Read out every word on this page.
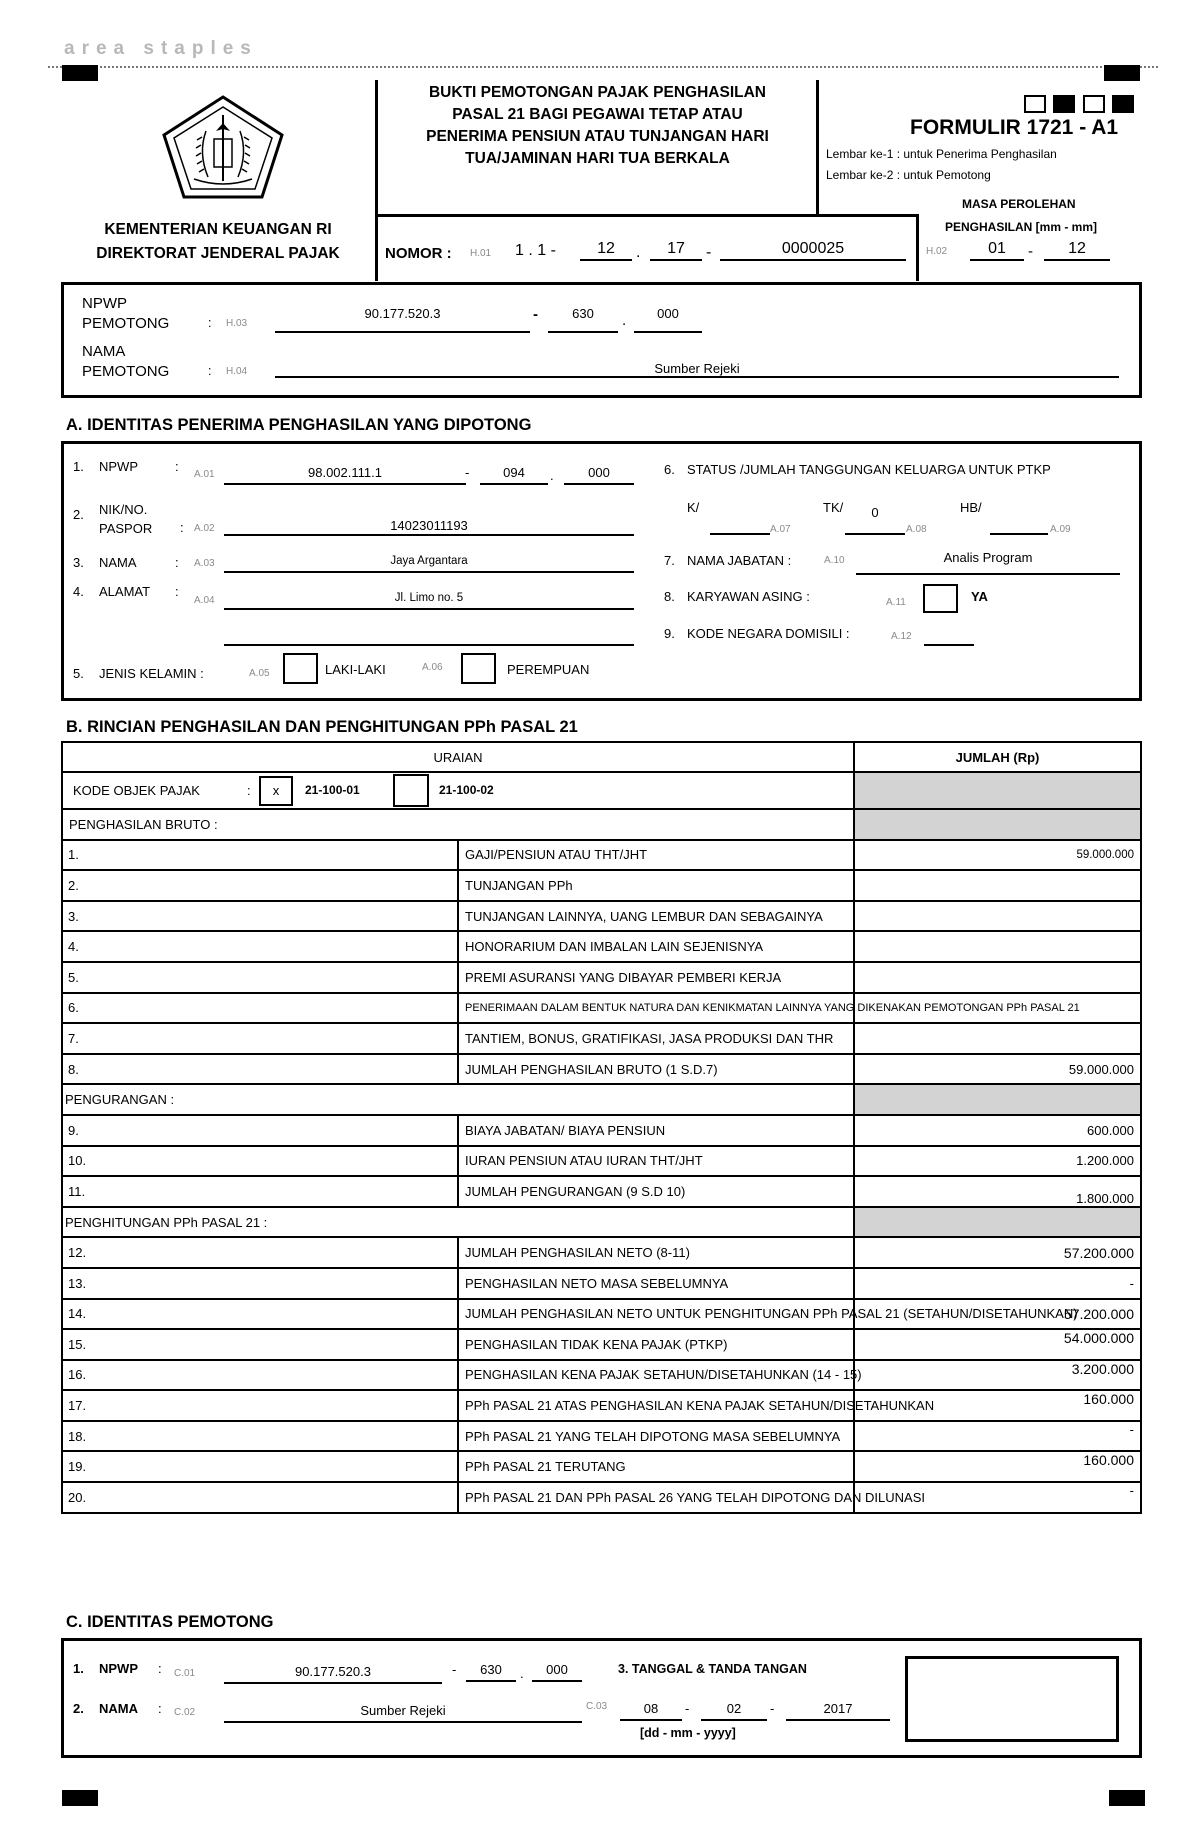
area staples
KEMENTERIAN KEUANGAN RI
DIREKTORAT JENDERAL PAJAK
BUKTI PEMOTONGAN PAJAK PENGHASILAN
PASAL 21 BAGI PEGAWAI TETAP ATAU
PENERIMA PENSIUN ATAU TUNJANGAN HARI
TUA/JAMINAN HARI TUA BERKALA
FORMULIR 1721 - A1
Lembar ke-1 : untuk Penerima Penghasilan
Lembar ke-2 : untuk Pemotong
MASA PEROLEHAN
PENGHASILAN [mm - mm]
H.02	01	-	12
NOMOR : H.01 1 . 1 -	12	.	17	-	0000025
NPWP
PEMOTONG	: H.03
90.177.520.3	-	630	.	000
NAMA
PEMOTONG	: H.04	Sumber Rejeki
A. IDENTITAS PENERIMA PENGHASILAN YANG DIPOTONG
1. NPWP	:
A.01	98.002.111.1	-	094	.	000
2. NIK/NO.
PASPOR : A.02	14023011193
3. NAMA	: A.03	Jaya Argantara
4. ALAMAT :
A.04	Jl. Limo no. 5
5. JENIS KELAMIN :	A.05	LAKI-LAKI	A.06	PEREMPUAN
6. STATUS /JUMLAH TANGGUNGAN KELUARGA UNTUK PTKP
K/
A.07
TK/	0
A.08
HB/
A.09
7. NAMA JABATAN :	A.10	Analis Program
8. KARYAWAN ASING :	A.11	YA
9. KODE NEGARA DOMISILI :	A.12
B. RINCIAN PENGHASILAN DAN PENGHITUNGAN PPh PASAL 21
URAIAN		JUMLAH (Rp)

KODE OBJEK PAJAK : x 21-100-01 21-100-02		

PENGHASILAN BRUTO :		
1.	GAJI/PENSIUN ATAU THT/JHT	59.000.000
2.	TUNJANGAN PPh	
3.	TUNJANGAN LAINNYA, UANG LEMBUR DAN SEBAGAINYA	
4.	HONORARIUM DAN IMBALAN LAIN SEJENISNYA	
5.	PREMI ASURANSI YANG DIBAYAR PEMBERI KERJA	
6.	PENERIMAAN DALAM BENTUK NATURA DAN KENIKMATAN LAINNYA YANG DIKENAKAN PEMOTONGAN PPh PASAL 21	
7.	TANTIEM, BONUS, GRATIFIKASI, JASA PRODUKSI DAN THR	
8.	JUMLAH PENGHASILAN BRUTO (1 S.D.7)	59.000.000
PENGURANGAN :		
9.	BIAYA JABATAN/ BIAYA PENSIUN	600.000
10.	IURAN PENSIUN ATAU IURAN THT/JHT	1.200.000
11.	JUMLAH PENGURANGAN (9 S.D 10)	1.800.000
PENGHITUNGAN PPh PASAL 21 :		
12.	JUMLAH PENGHASILAN NETO (8-11)	57.200.000
13.	PENGHASILAN NETO MASA SEBELUMNYA	-
14.	JUMLAH PENGHASILAN NETO UNTUK PENGHITUNGAN PPh PASAL 21 (SETAHUN/DISETAHUNKAN)	57.200.000
15.	PENGHASILAN TIDAK KENA PAJAK (PTKP)	54.000.000
16.	PENGHASILAN KENA PAJAK SETAHUN/DISETAHUNKAN (14 - 15)	3.200.000
17.	PPh PASAL 21 ATAS PENGHASILAN KENA PAJAK SETAHUN/DISETAHUNKAN	160.000
18.	PPh PASAL 21 YANG TELAH DIPOTONG MASA SEBELUMNYA	-
19.	PPh PASAL 21 TERUTANG	160.000
20.	PPh PASAL 21 DAN PPh PASAL 26 YANG TELAH DIPOTONG DAN DILUNASI	-
C. IDENTITAS PEMOTONG
1. NPWP : C.01	90.177.520.3	-	630	.	000	3. TANGGAL & TANDA TANGAN
2. NAMA : C.02	Sumber Rejeki	C.03	08	-	02	-	2017
[dd - mm - yyyy]
